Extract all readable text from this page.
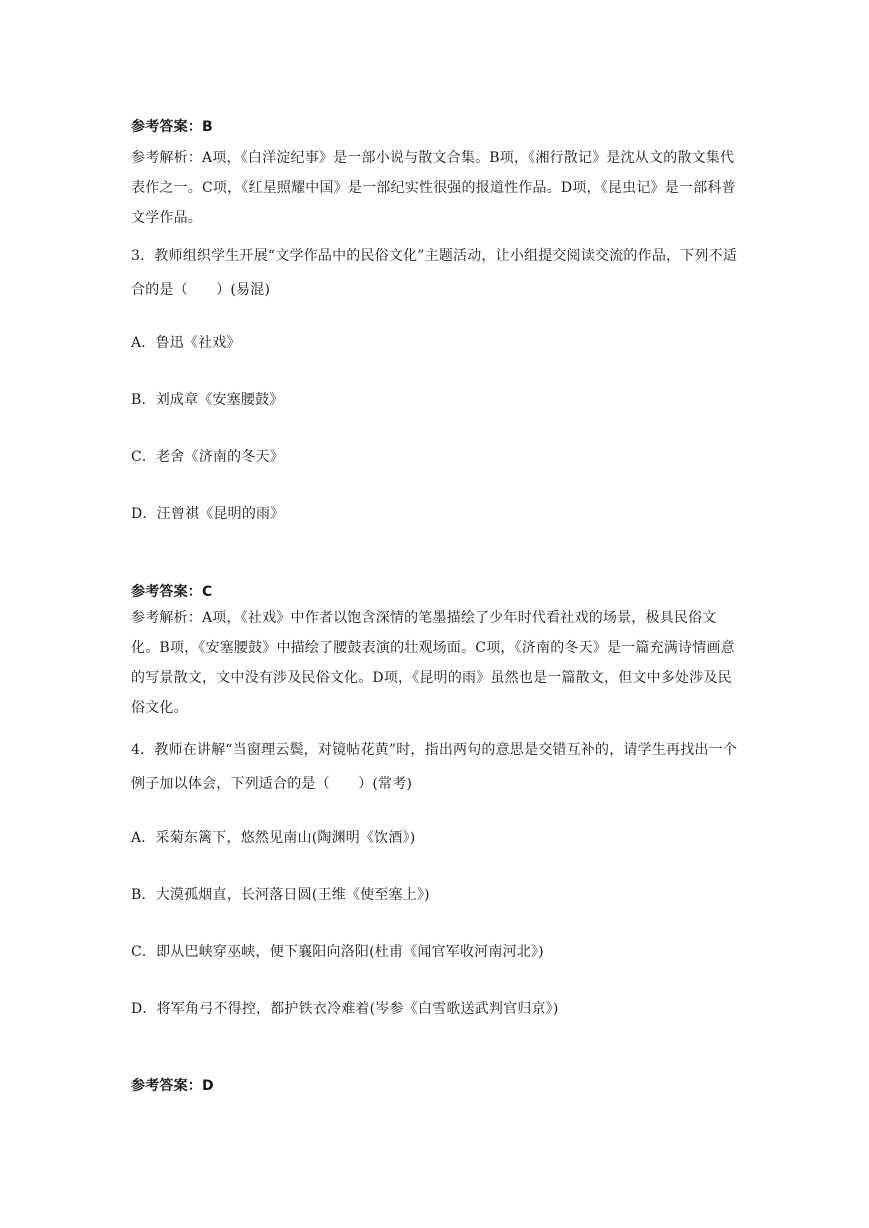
参考答案：B
参考解析：A项，《白洋淀纪事》是一部小说与散文合集。B项，《湘行散记》是沈从文的散文集代表作之一。C项，《红星照耀中国》是一部纪实性很强的报道性作品。D项，《昆虫记》是一部科普文学作品。
3．教师组织学生开展“文学作品中的民俗文化”主题活动，让小组提交阅读交流的作品，下列不适合的是（　　）(易混)
A．鲁迅《社戏》
B．刘成章《安塞腰鼓》
C．老舍《济南的冬天》
D．汪曾祺《昆明的雨》
参考答案：C
参考解析：A项，《社戏》中作者以饱含深情的笔墨描绘了少年时代看社戏的场景，极具民俗文化。B项，《安塞腰鼓》中描绘了腰鼓表演的壮观场面。C项，《济南的冬天》是一篇充满诗情画意的写景散文，文中没有涉及民俗文化。D项，《昆明的雨》虽然也是一篇散文，但文中多处涉及民俗文化。
4．教师在讲解“当窗理云鬓，对镜帖花黄”时，指出两句的意思是交错互补的，请学生再找出一个例子加以体会，下列适合的是（　　）(常考)
A．采菊东篱下，悠然见南山(陶渊明《饮酒》)
B．大漠孤烟直，长河落日圆(王维《使至塞上》)
C．即从巴峡穿巫峡，便下襄阳向洛阳(杜甫《闻官军收河南河北》)
D．将军角弓不得控，都护铁衣冷难着(岑参《白雪歌送武判官归京》)
参考答案：D
